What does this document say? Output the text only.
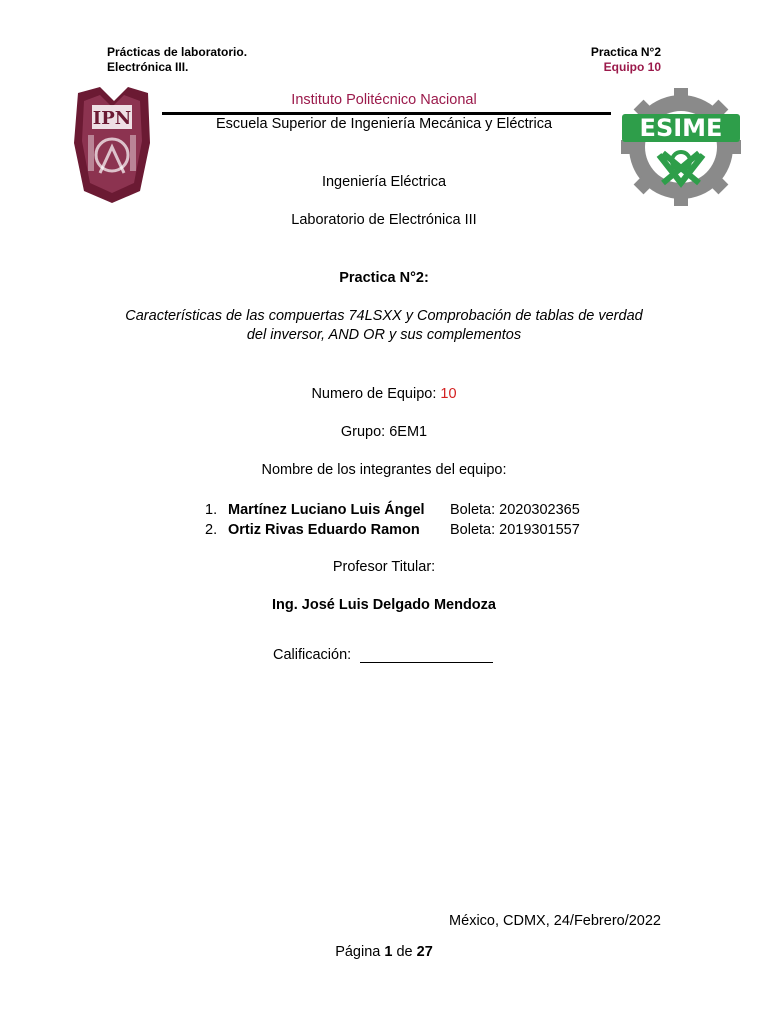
Prácticas de laboratorio.
Electrónica III.
Practica N°2
Equipo 10
IPN	ESIME
Instituto Politécnico Nacional
Escuela Superior de Ingeniería Mecánica y Eléctrica
Ingeniería Eléctrica
Laboratorio de Electrónica III
Practica N°2:
Características de las compuertas 74LSXX y Comprobación de tablas de verdad
del inversor, AND OR y sus complementos
Numero de Equipo: 10
Grupo: 6EM1
Nombre de los integrantes del equipo:
1. Martínez Luciano Luis Ángel Boleta: 2020302365
2. Ortiz Rivas Eduardo Ramon Boleta: 2019301557
Profesor Titular:
Ing. José Luis Delgado Mendoza
Calificación:
México, CDMX, 24/Febrero/2022
Página 1 de 27
